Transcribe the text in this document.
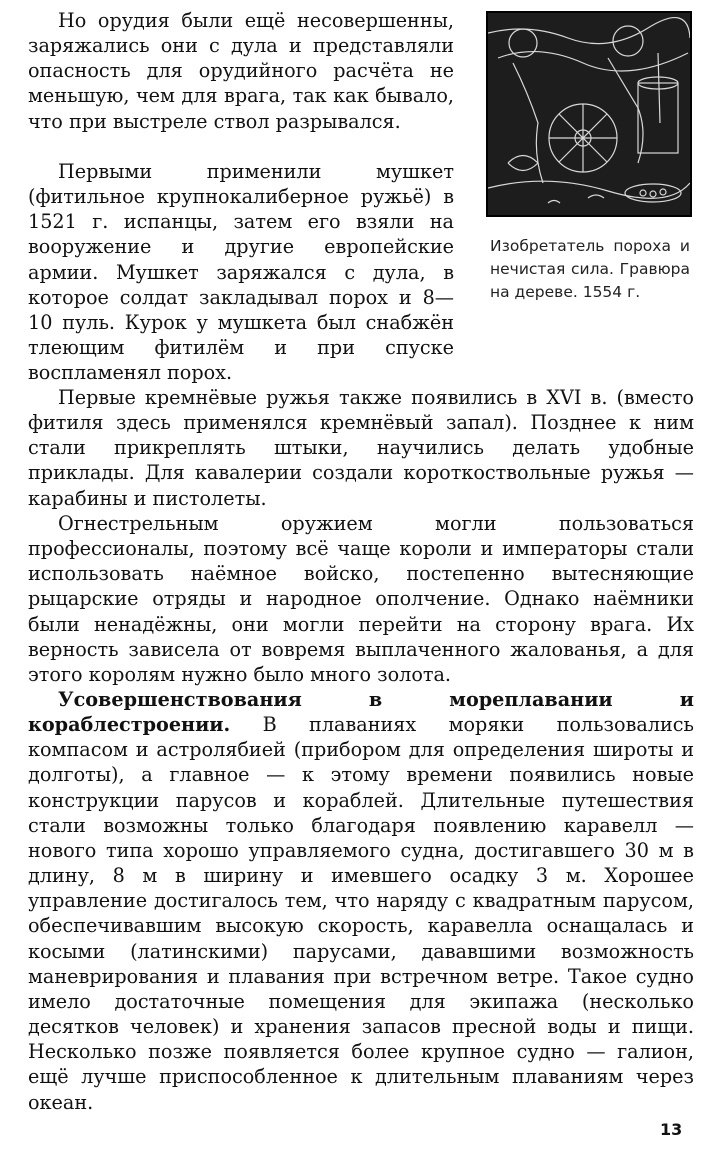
Но орудия были ещё несовершенны, заряжались они с дула и представляли опасность для орудийного расчёта не меньшую, чем для врага, так как бывало, что при выстреле ствол разрывался.

Первыми применили мушкет (фитильное крупнокалиберное ружьё) в 1521 г. испанцы, затем его взяли на вооружение и другие европейские армии. Мушкет заряжался с дула, в которое солдат закладывал порох и 8—10 пуль. Курок у мушкета был снабжён тлеющим фитилём и при спуске воспламенял порох.

Изобретатель пороха и нечистая сила. Гравюра на дереве. 1554 г.

Первые кремнёвые ружья также появились в XVI в. (вместо фитиля здесь применялся кремнёвый запал). Позднее к ним стали прикреплять штыки, научились делать удобные приклады. Для кавалерии создали короткоствольные ружья — карабины и пистолеты.

Огнестрельным оружием могли пользоваться профессионалы, поэтому всё чаще короли и императоры стали использовать наёмное войско, постепенно вытесняющие рыцарские отряды и народное ополчение. Однако наёмники были ненадёжны, они могли перейти на сторону врага. Их верность зависела от вовремя выплаченного жалованья, а для этого королям нужно было много золота.

Усовершенствования в мореплавании и кораблестроении. В плаваниях моряки пользовались компасом и астролябией (прибором для определения широты и долготы), а главное — к этому времени появились новые конструкции парусов и кораблей. Длительные путешествия стали возможны только благодаря появлению каравелл — нового типа хорошо управляемого судна, достигавшего 30 м в длину, 8 м в ширину и имевшего осадку 3 м. Хорошее управление достигалось тем, что наряду с квадратным парусом, обеспечивавшим высокую скорость, каравелла оснащалась и косыми (латинскими) парусами, дававшими возможность маневрирования и плавания при встречном ветре. Такое судно имело достаточные помещения для экипажа (несколько десятков человек) и хранения запасов пресной воды и пищи. Несколько позже появляется более крупное судно — галион, ещё лучше приспособленное к длительным плаваниям через океан.

13
